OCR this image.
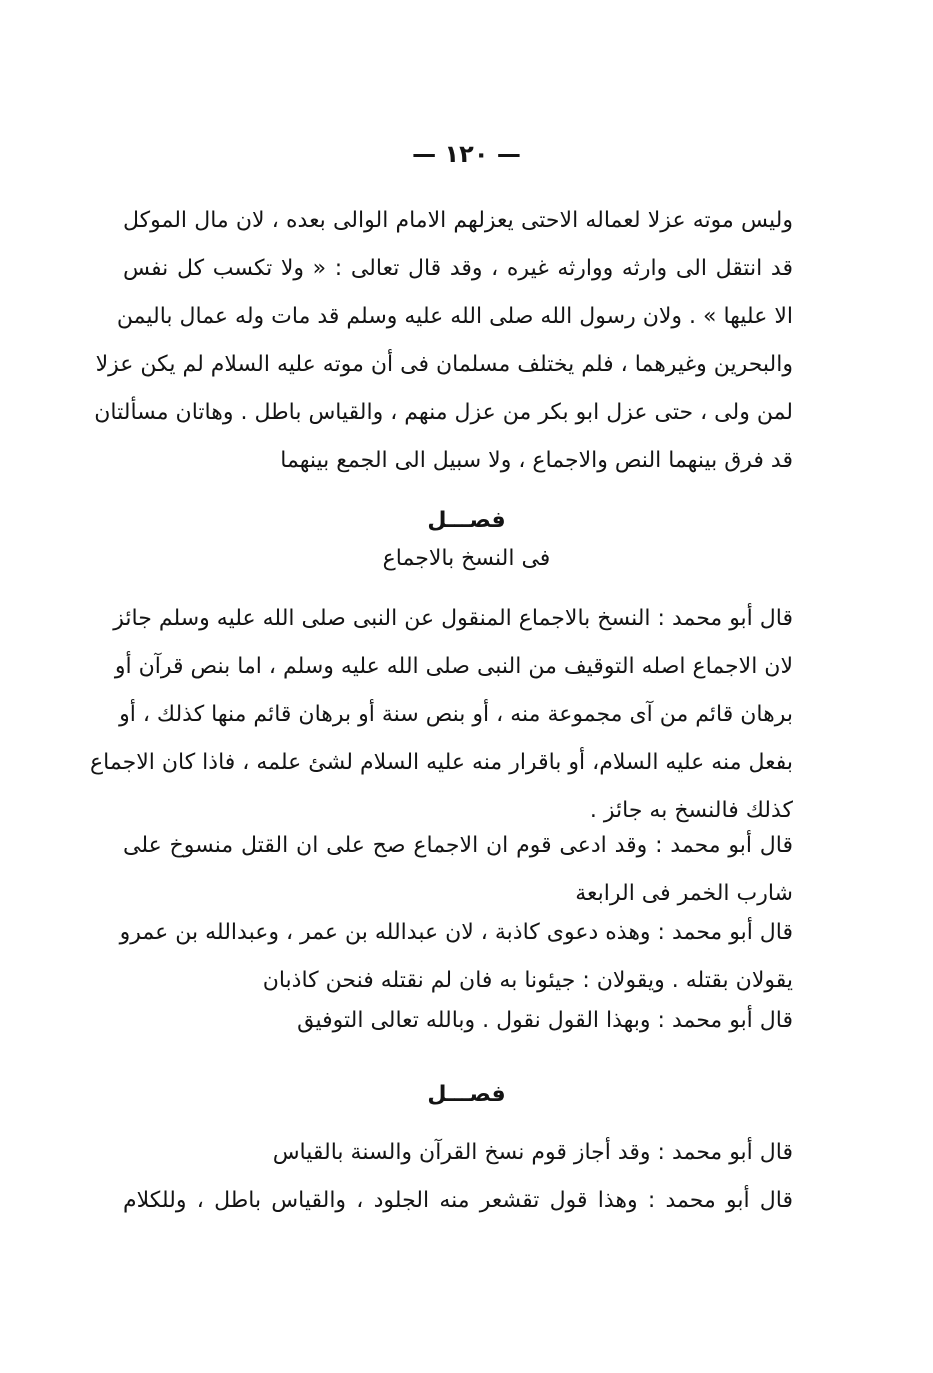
— ١٢٠ —
وليس موته عزلا لعماله الاحتى يعزلهم الامام الوالى بعده ، لان مال الموكل
قد انتقل الى وارثه ووارثه غيره ، وقد قال تعالى : « ولا تكسب كل نفس
الا عليها » . ولان رسول الله صلى الله عليه وسلم قد مات وله عمال باليمن
والبحرين وغيرهما ، فلم يختلف مسلمان فى أن موته عليه السلام لم يكن عزلا
لمن ولى ، حتى عزل ابو بكر من عزل منهم ، والقياس باطل . وهاتان مسألتان
قد فرق بينهما النص والاجماع ، ولا سبيل الى الجمع بينهما
فصـــل
فى النسخ بالاجماع
قال أبو محمد : النسخ بالاجماع المنقول عن النبى صلى الله عليه وسلم جائز
لان الاجماع اصله التوقيف من النبى صلى الله عليه وسلم ، اما بنص قرآن أو
برهان قائم من آى مجموعة منه ، أو بنص سنة أو برهان قائم منها كذلك ، أو
بفعل منه عليه السلام، أو باقرار منه عليه السلام لشئ علمه ، فاذا كان الاجماع
كذلك فالنسخ به جائز .
قال أبو محمد : وقد ادعى قوم ان الاجماع صح على ان القتل منسوخ على
شارب الخمر فى الرابعة
قال أبو محمد : وهذه دعوى كاذبة ، لان عبدالله بن عمر ، وعبدالله بن عمرو
يقولان بقتله . ويقولان : جيئونا به فان لم نقتله فنحن كاذبان
قال أبو محمد : وبهذا القول نقول . وبالله تعالى التوفيق
فصـــل
قال أبو محمد : وقد أجاز قوم نسخ القرآن والسنة بالقياس
قال أبو محمد : وهذا قول تقشعر منه الجلود ، والقياس باطل ، وللكلام
